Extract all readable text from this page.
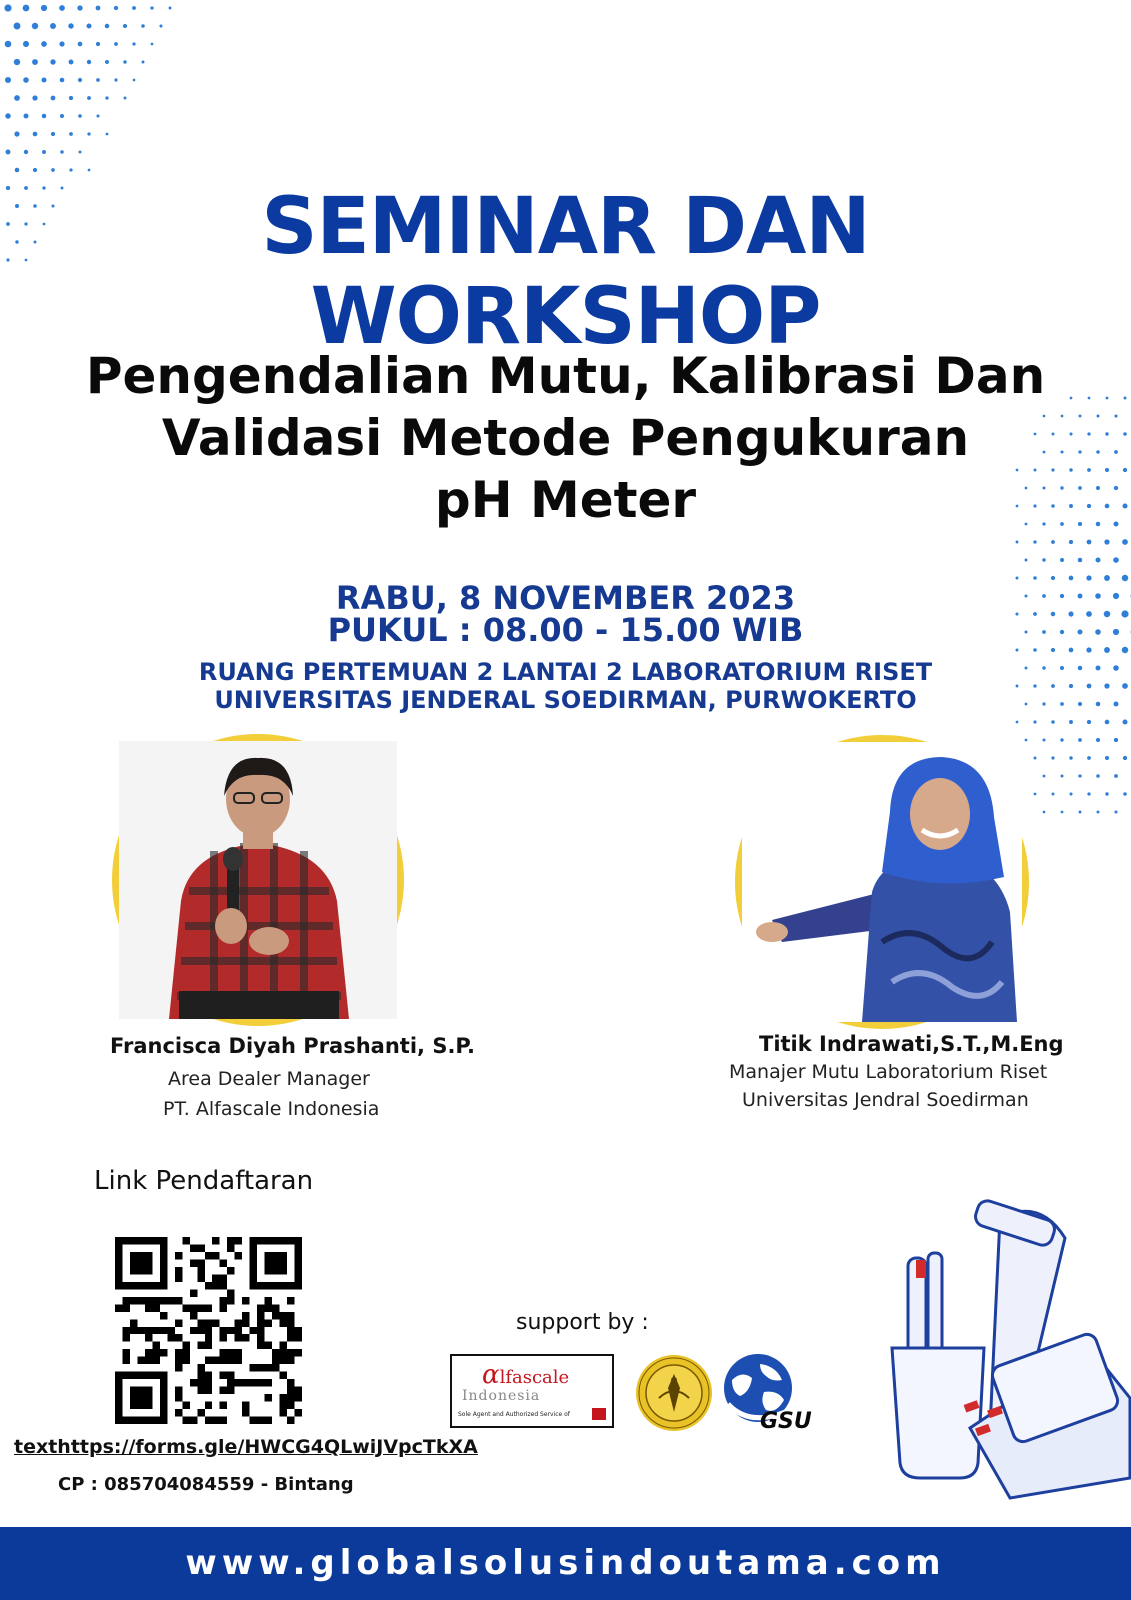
SEMINAR DAN WORKSHOP
Pengendalian Mutu, Kalibrasi Dan
Validasi Metode Pengukuran
pH Meter
RABU, 8 NOVEMBER 2023
PUKUL : 08.00 - 15.00 WIB
RUANG PERTEMUAN 2 LANTAI 2 LABORATORIUM RISET
UNIVERSITAS JENDERAL SOEDIRMAN, PURWOKERTO
Francisca Diyah Prashanti, S.P.
Area Dealer Manager
PT. Alfascale Indonesia
Titik Indrawati,S.T.,M.Eng
Manajer Mutu Laboratorium Riset
Universitas Jendral Soedirman
Link Pendaftaran
texthttps://forms.gle/HWCG4QLwiJVpcTkXA
CP : 085704084559 - Bintang
support by :
αlfascale
Indonesia
Sole Agent and Authorized Service of	GSU
www.globalsolusindoutama.com
